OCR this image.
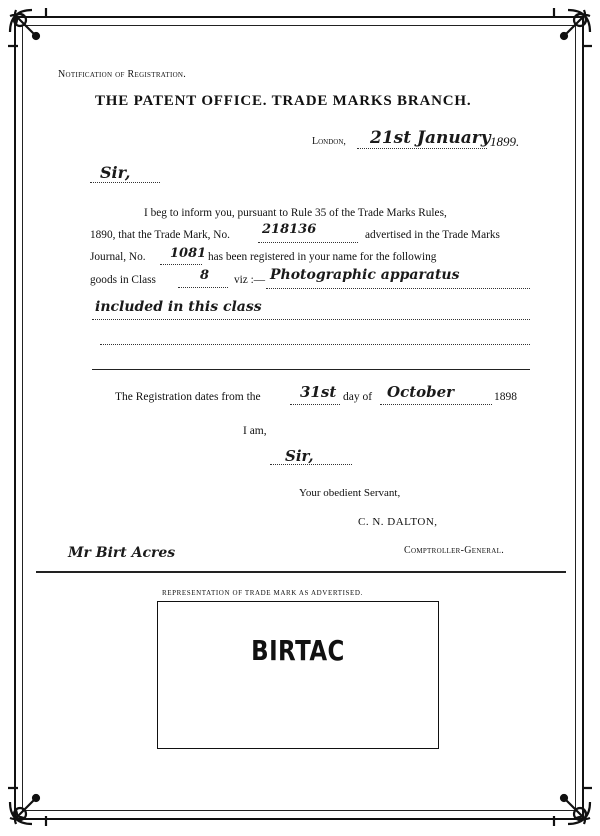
Notification of Registration.
THE PATENT OFFICE. TRADE MARKS BRANCH.
London, 21st January 1899.
Sir,
I beg to inform you, pursuant to Rule 35 of the Trade Marks Rules,
1890, that the Trade Mark, No. 218136	advertised in the Trade Marks
Journal, No. 1081 has been registered in your name for the following
goods in Class	8 viz :— Photographic apparatus
included in this class
The Registration dates from the	31st day of October	1898
I am,
Sir,
Your obedient Servant,
C. N. DALTON,
Mr Birt Acres	Comptroller-General.
REPRESENTATION OF TRADE MARK AS ADVERTISED.
BIRTAC
